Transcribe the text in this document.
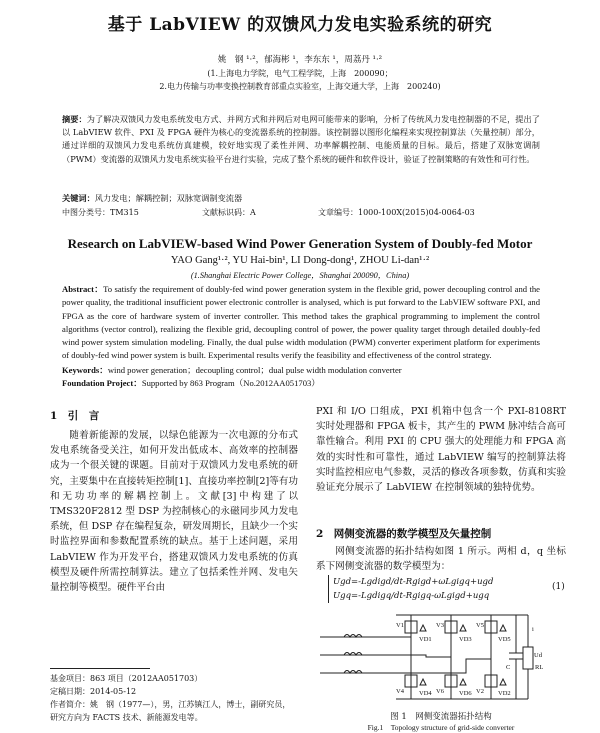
基于 LabVIEW 的双馈风力发电实验系统的研究
姚　钢 ¹·²，郁海彬 ¹，李东东 ¹，周荔丹 ¹·²
(1.上海电力学院，电气工程学院，上海　200090；
2.电力传输与功率变换控制教育部重点实验室，上海交通大学，上海　200240)
摘要：为了解决双馈风力发电系统发电方式、并网方式和并网后对电网可能带来的影响，分析了传统风力发电控制器的不足，提出了以 LabVIEW 软件、PXI 及 FPGA 硬件为核心的变流器系统的控制器。该控制器以图形化编程来实现控制算法（矢量控制）部分，通过详细的双馈风力发电系统仿真建模，较好地实现了柔性并网、功率解耦控制、电能质量的目标。最后，搭建了双脉宽调制（PWM）变流器的双馈风力发电系统实验平台进行实验，完成了整个系统的硬件和软件设计，验证了控制策略的有效性和可行性。
关键词：风力发电；解耦控制；双脉宽调制变流器
中图分类号：TM315	文献标识码：A	文章编号：1000-100X(2015)04-0064-03
Research on LabVIEW-based Wind Power Generation System of Doubly-fed Motor
YAO Gang¹·², YU Hai-bin¹, LI Dong-dong¹, ZHOU Li-dan¹·²
(1.Shanghai Electric Power College，Shanghai 200090，China)
Abstract：To satisfy the requirement of doubly-fed wind power generation system in the flexible grid, power decoupling control and the power quality, the traditional insufficient power electronic controller is analysed, which is put forward to the LabVIEW software PXI, and FPGA as the core of hardware system of inverter controller. This method takes the graphical programming to implement the control algorithms (vector control), realizing the flexible grid, decoupling control of power, the power quality target through detailed doubly-fed wind power system simulation modeling. Finally, the dual pulse width modulation (PWM) converter experiment platform for experiments of doubly-fed wind power system is built. Experimental results verify the feasibility and effectiveness of the control strategy.
Keywords：wind power generation；decoupling control；dual pulse width modulation converter
Foundation Project：Supported by 863 Program（No.2012AA051703）
1　引　言
随着新能源的发展，以绿色能源为一次电源的分布式发电系统备受关注，如何开发出低成本、高效率的控制器成为一个很关键的课题。目前对于双馈风力发电系统的研究，主要集中在直接转矩控制[1]、直接功率控制[2]等有功和无功功率的解耦控制上。文献[3]中构建了以 TMS320F2812 型 DSP 为控制核心的永磁同步风力发电系统，但 DSP 存在编程复杂，研发周期长，且缺少一个实时监控界面和参数配置系统的缺点。基于上述问题，采用 LabVIEW 作为开发平台，搭建双馈风力发电系统的仿真模型及硬件所需控制算法。建立了包括柔性并网、发电矢量控制等模型。硬件平台由
基金项目：863 项目（2012AA051703）
定稿日期：2014-05-12
作者简介：姚　钢（1977—），男，江苏镇江人，博士，副研究员，研究方向为 FACTS 技术、新能源发电等。
PXI 和 I/O 口组成，PXI 机箱中包含一个 PXI-8108RT 实时处理器和 FPGA 板卡，其产生的 PWM 脉冲结合高可靠性输合。利用 PXI 的 CPU 强大的处理能力和 FPGA 高效的实时性和可靠性，通过 LabVIEW 编写的控制算法将实时监控相应电气参数，灵活的修改各项参数，仿真和实验验证充分展示了 LabVIEW 在控制领域的独特优势。
2　网侧变流器的数学模型及矢量控制
网侧变流器的拓扑结构如图 1 所示。两相 d，q 坐标系下网侧变流器的数学模型为：
Ugd=-Lgdigd/dt-Rgigd+ωLgigq+ugd
Ugq=-Lgdigq/dt-Rgigq-ωLgigd+ugq
(1)
V1	V3	V5
V4	V6	V2
VD1	VD3	VD5
VD4	VD6	VD2
i
C
Ud
RL
图 1　网侧变流器拓扑结构
Fig.1　Topology structure of grid-side converter
